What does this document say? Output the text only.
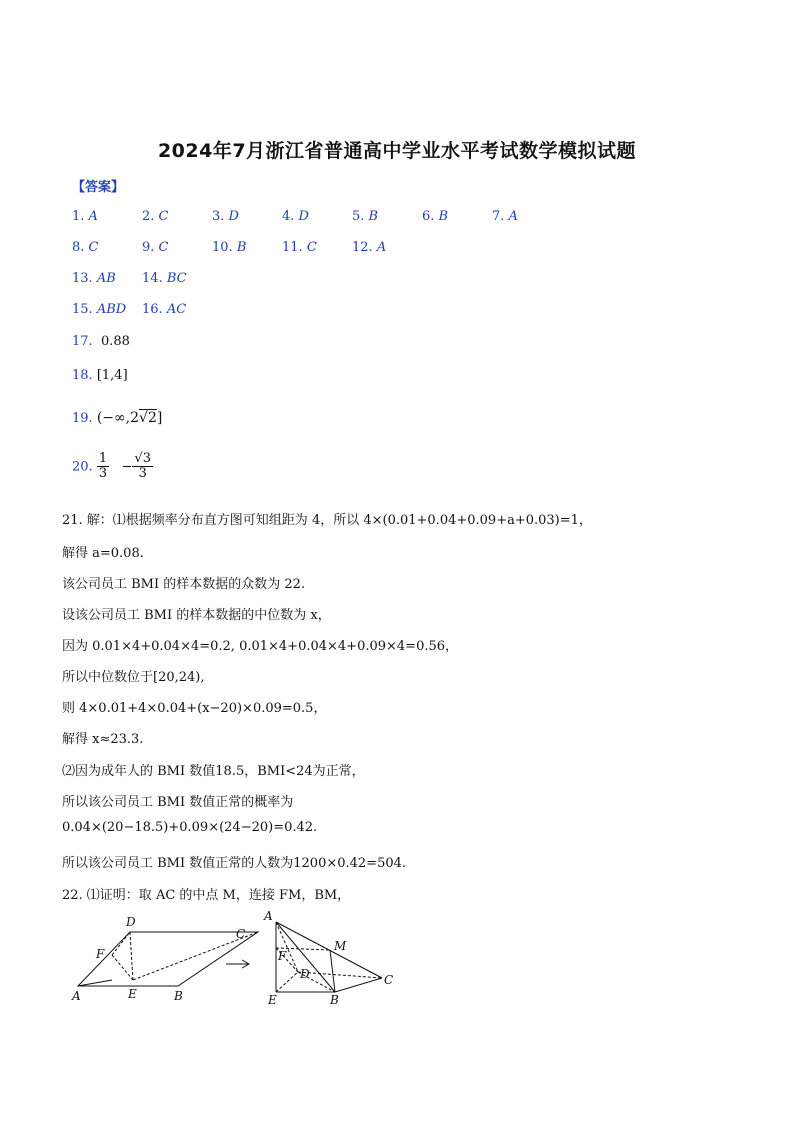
2024年7月浙江省普通高中学业水平考试数学模拟试题
【答案】
1. A	2. C	3. D	4. D	5. B	6. B	7. A
8. C	9. C	10. B	11. C	12. A
13. AB 14. BC
15. ABD 16. AC
17. 0.88
18. [1,4]
19. (−∞,2√2]
20. $\frac{1}{3} - \frac{√3}{3}$
21. 解：⑴根据频率分布直方图可知组距为 4，所以 4×(0.01+0.04+0.09+a+0.03)=1，
解得 a=0.08.
该公司员工 BMI 的样本数据的众数为 22.
设该公司员工 BMI 的样本数据的中位数为 x，
因为 0.01×4+0.04×4=0.2, 0.01×4+0.04×4+0.09×4=0.56，
所以中位数位于[20,24),
则 4×0.01+4×0.04+(x−20)×0.09=0.5，
解得 x≈23.3.
⑵因为成年人的 BMI 数值18.5，BMI<24为正常，
所以该公司员工 BMI 数值正常的概率为
0.04×(20−18.5)+0.09×(24−20)=0.42.
所以该公司员工 BMI 数值正常的人数为1200×0.42=504.
22. ⑴证明：取 AC 的中点 M，连接 FM，BM，
D
F
A	E	B
C
A
F
D
M
C
E	B
